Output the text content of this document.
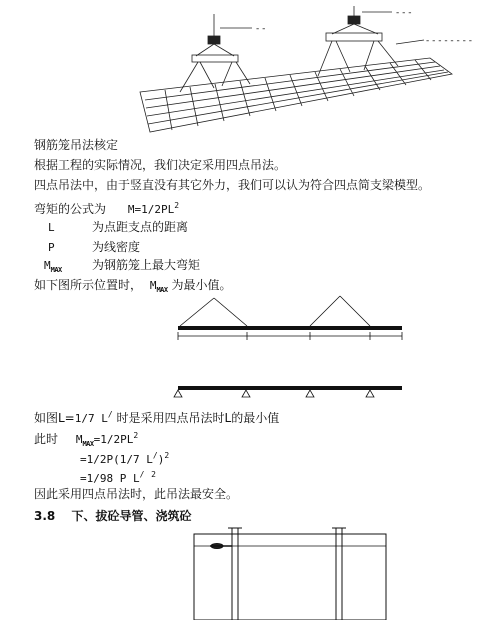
- -
- - -
- - - - - - - -
钢筋笼吊法核定
根据工程的实际情况，我们决定采用四点吊法。
四点吊法中，由于竖直没有其它外力，我们可以认为符合四点简支梁模型。
弯矩的公式为 $M=1/2PL^2$
L	为点距支点的距离
P	为线密度
$M_{MAX}$	为钢筋笼上最大弯矩
如下图所示位置时， $M_{MAX}$ 为最小值。
如图L=1/7 L/ 时是采用四点吊法时L的最小值
此时 $M_{MAX}=1/2PL^2$
=1/2P(1/7 L/)$^2$
=1/98 P L/ $^2$
因此采用四点吊法时，此吊法最安全。
3.8 下、拔砼导管、浇筑砼
